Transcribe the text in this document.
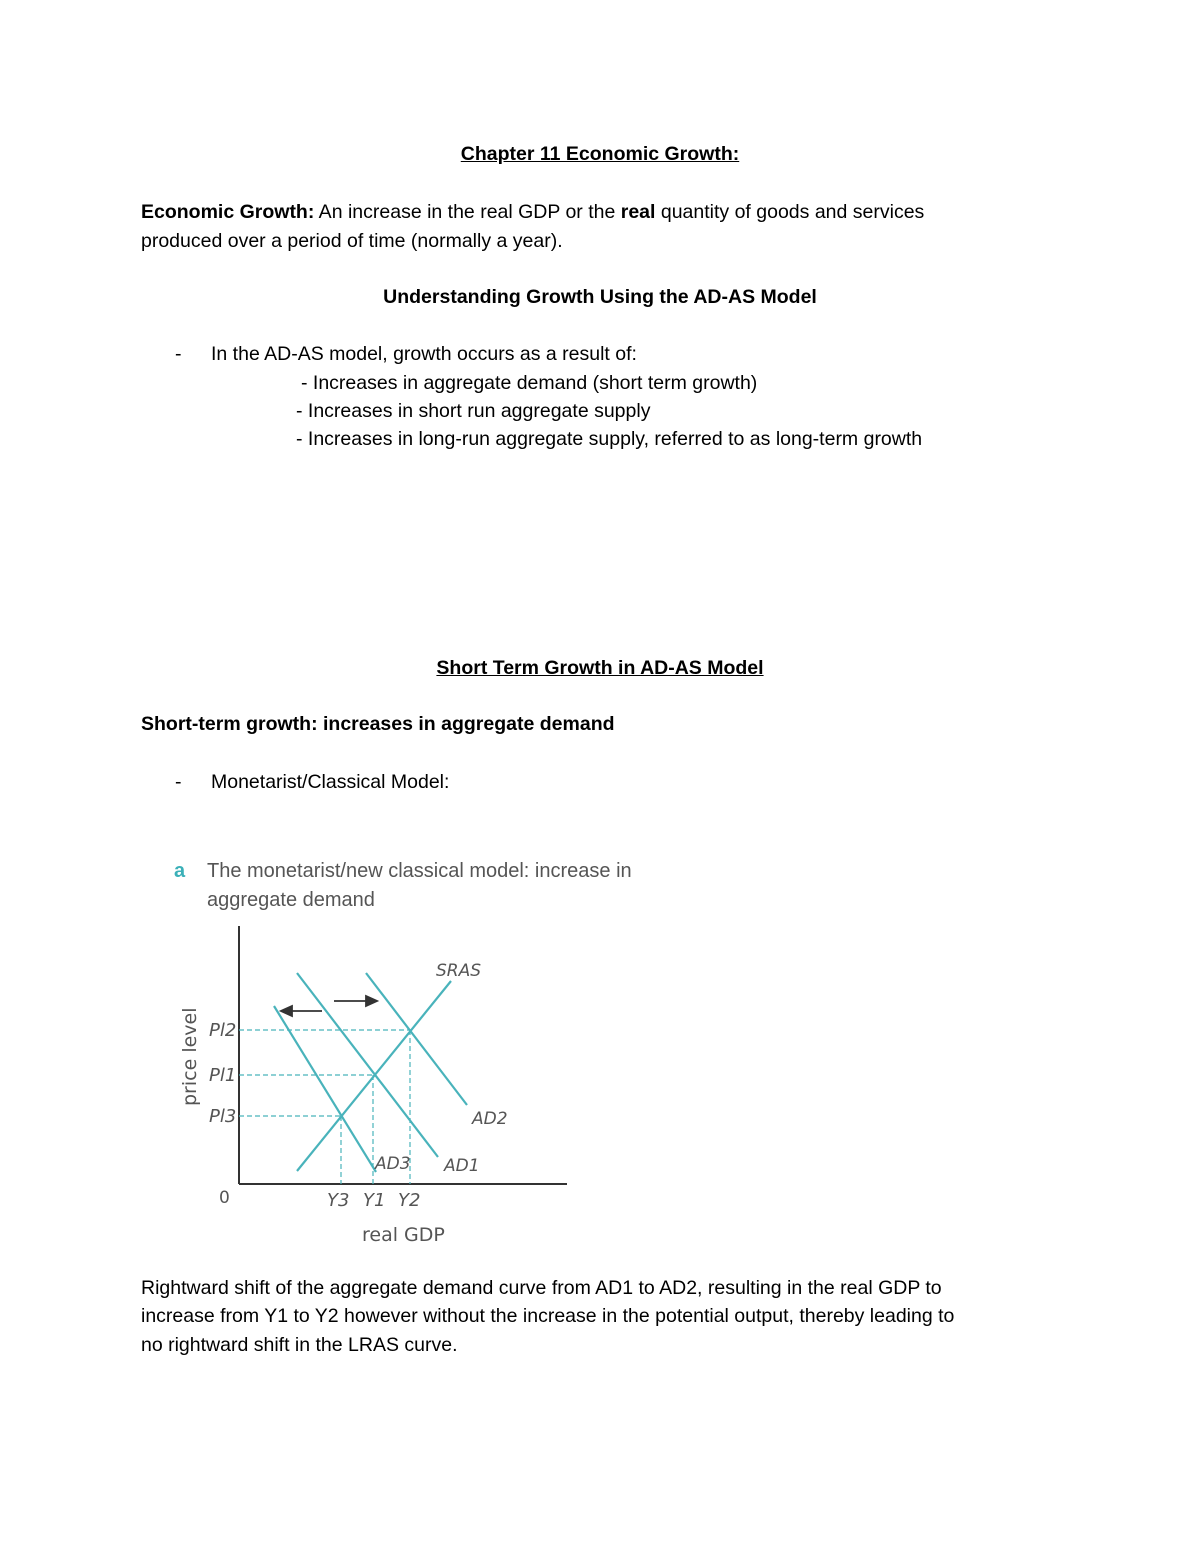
Chapter 11 Economic Growth:
Economic Growth: An increase in the real GDP or the real quantity of goods and services
produced over a period of time (normally a year).
Understanding Growth Using the AD-AS Model
- In the AD-AS model, growth occurs as a result of:
- Increases in aggregate demand (short term growth)
- Increases in short run aggregate supply
- Increases in long-run aggregate supply, referred to as long-term growth
Short Term Growth in AD-AS Model
Short-term growth: increases in aggregate demand
- Monetarist/Classical Model:
a The monetarist/new classical model: increase in
aggregate demand
price level
real GDP
0
Pl2
Pl1
Pl3
Y3 Y1 Y2
SRAS
AD2
AD1
AD3
Rightward shift of the aggregate demand curve from AD1 to AD2, resulting in the real GDP to
increase from Y1 to Y2 however without the increase in the potential output, thereby leading to
no rightward shift in the LRAS curve.
